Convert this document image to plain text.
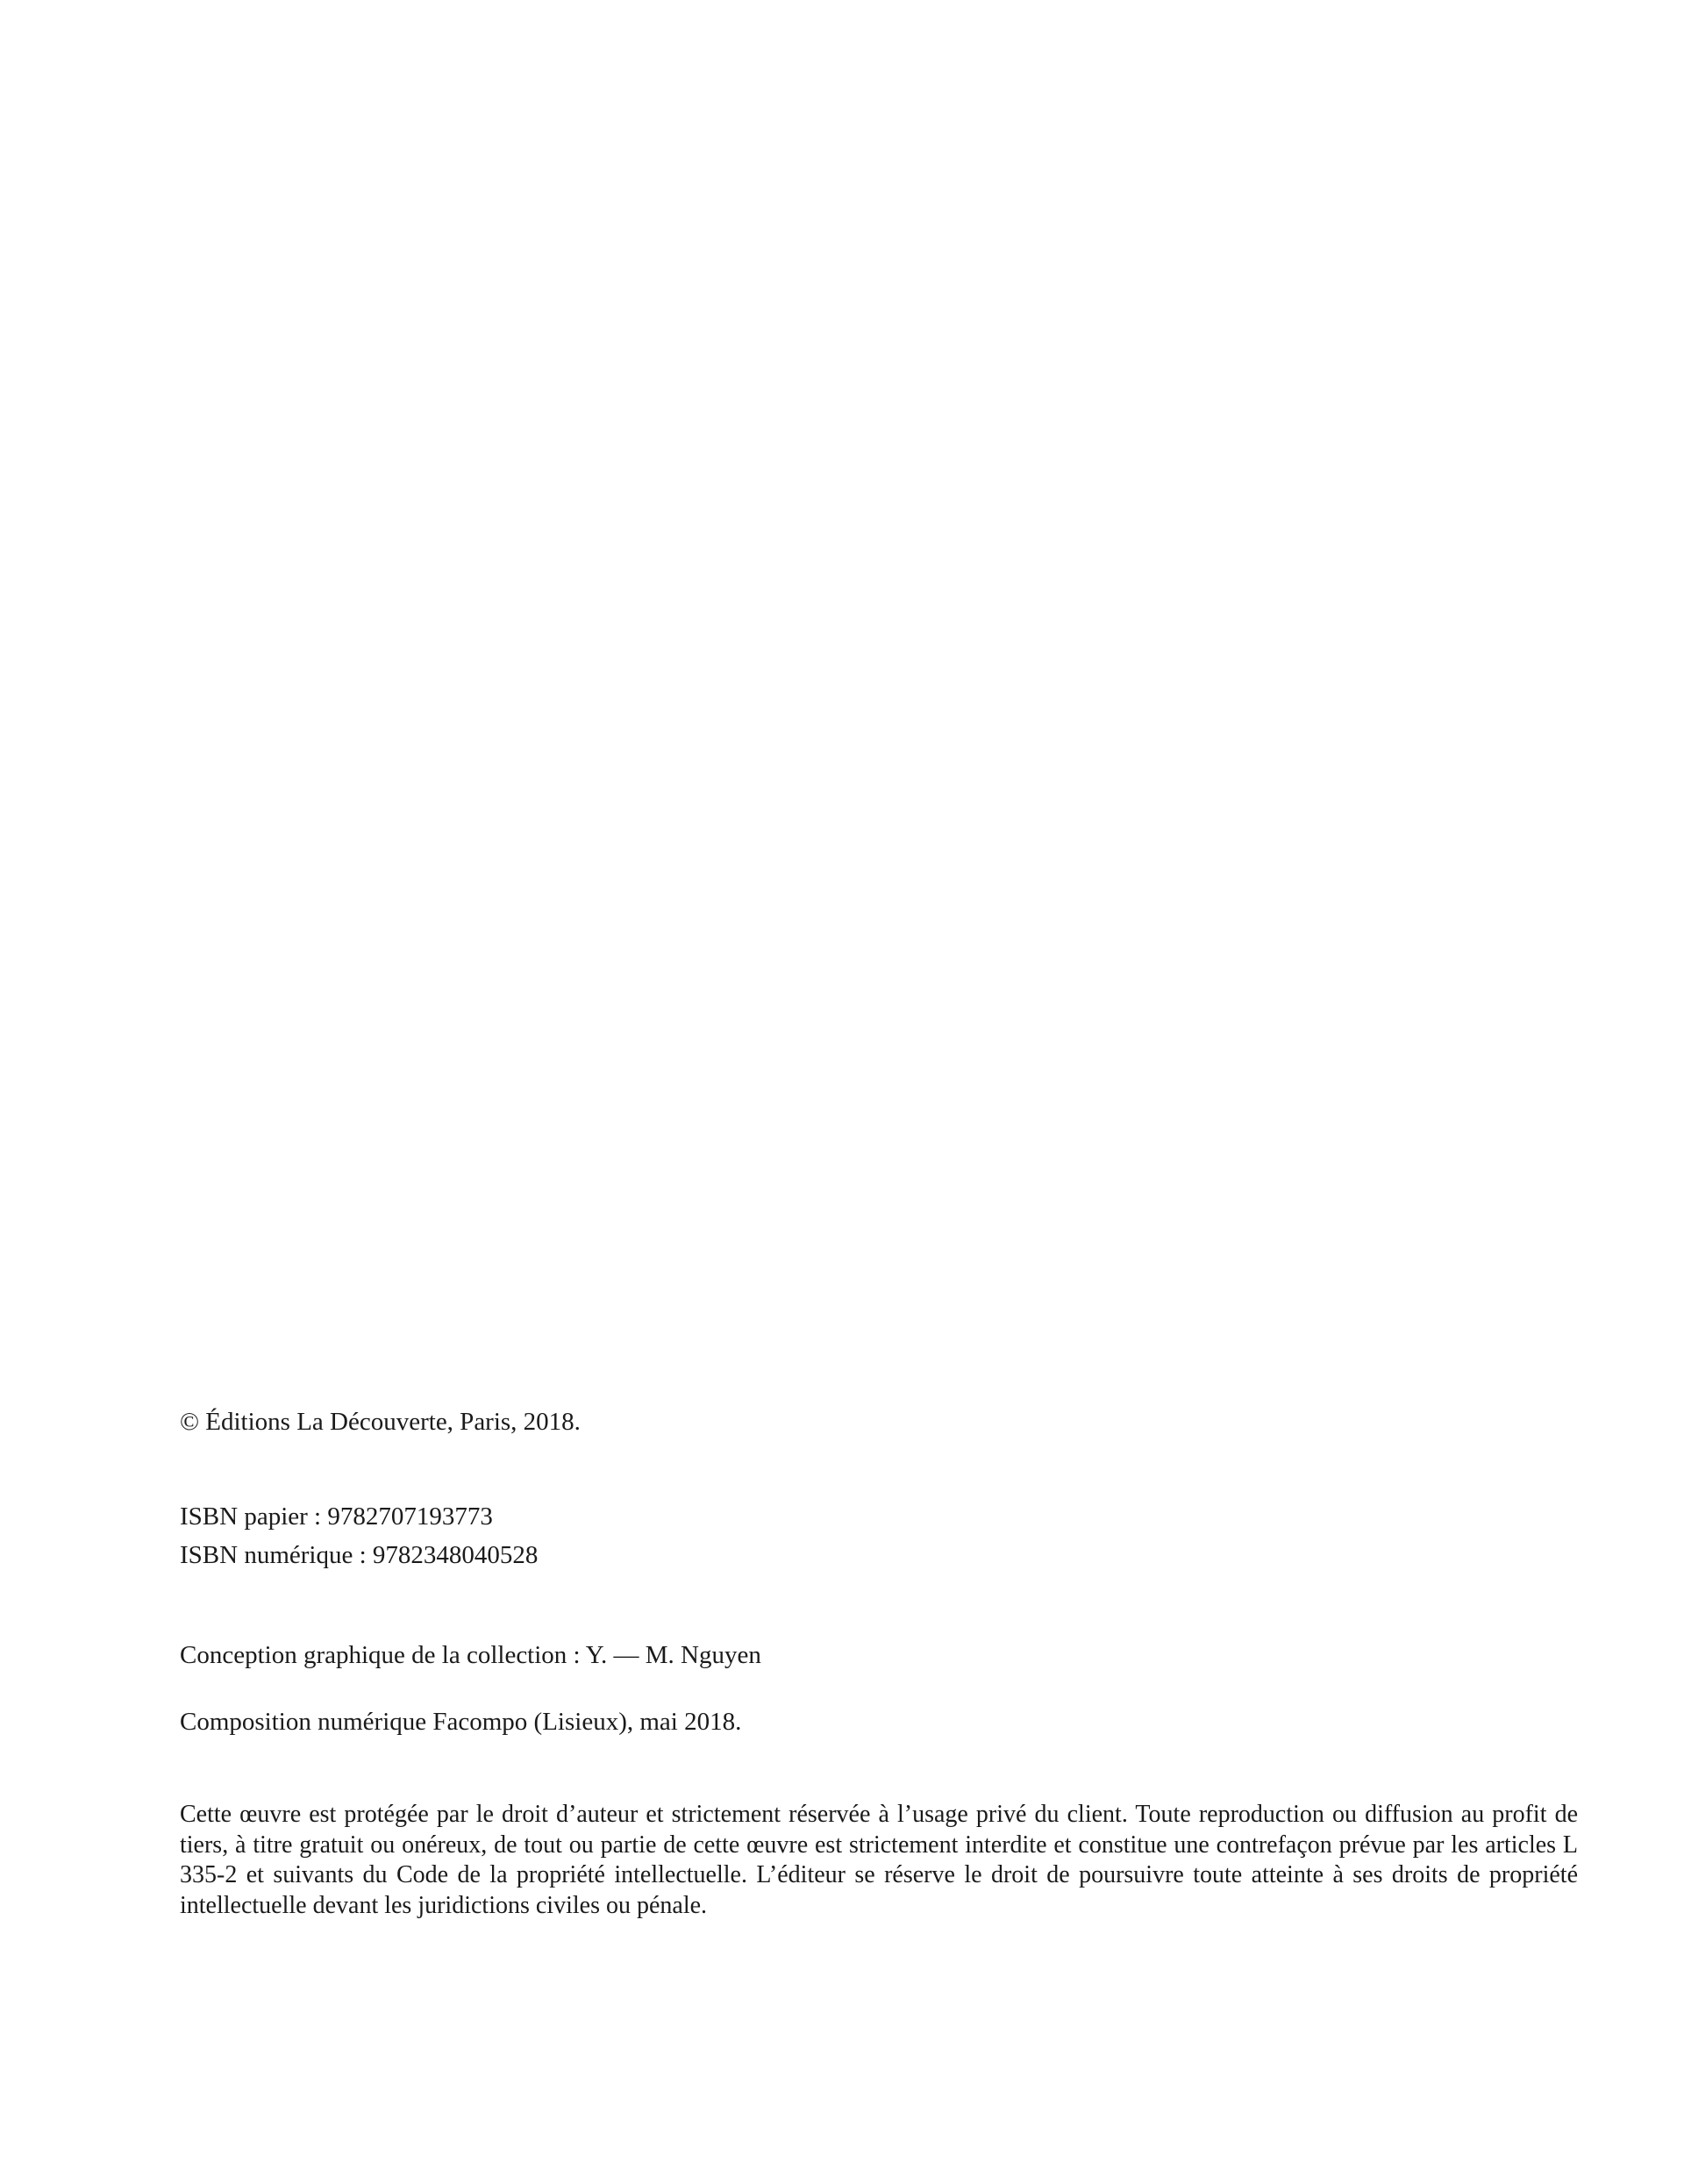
© Éditions La Découverte, Paris, 2018.

ISBN papier : 9782707193773

ISBN numérique : 9782348040528

Conception graphique de la collection : Y. — M. Nguyen

Composition numérique Facompo (Lisieux), mai 2018.

Cette œuvre est protégée par le droit d’auteur et strictement réservée à l’usage privé du client. Toute reproduction ou diffusion au profit de tiers, à titre gratuit ou onéreux, de tout ou partie de cette œuvre est strictement interdite et constitue une contrefaçon prévue par les articles L 335-2 et suivants du Code de la propriété intellectuelle. L’éditeur se réserve le droit de poursuivre toute atteinte à ses droits de propriété intellectuelle devant les juridictions civiles ou pénale.
